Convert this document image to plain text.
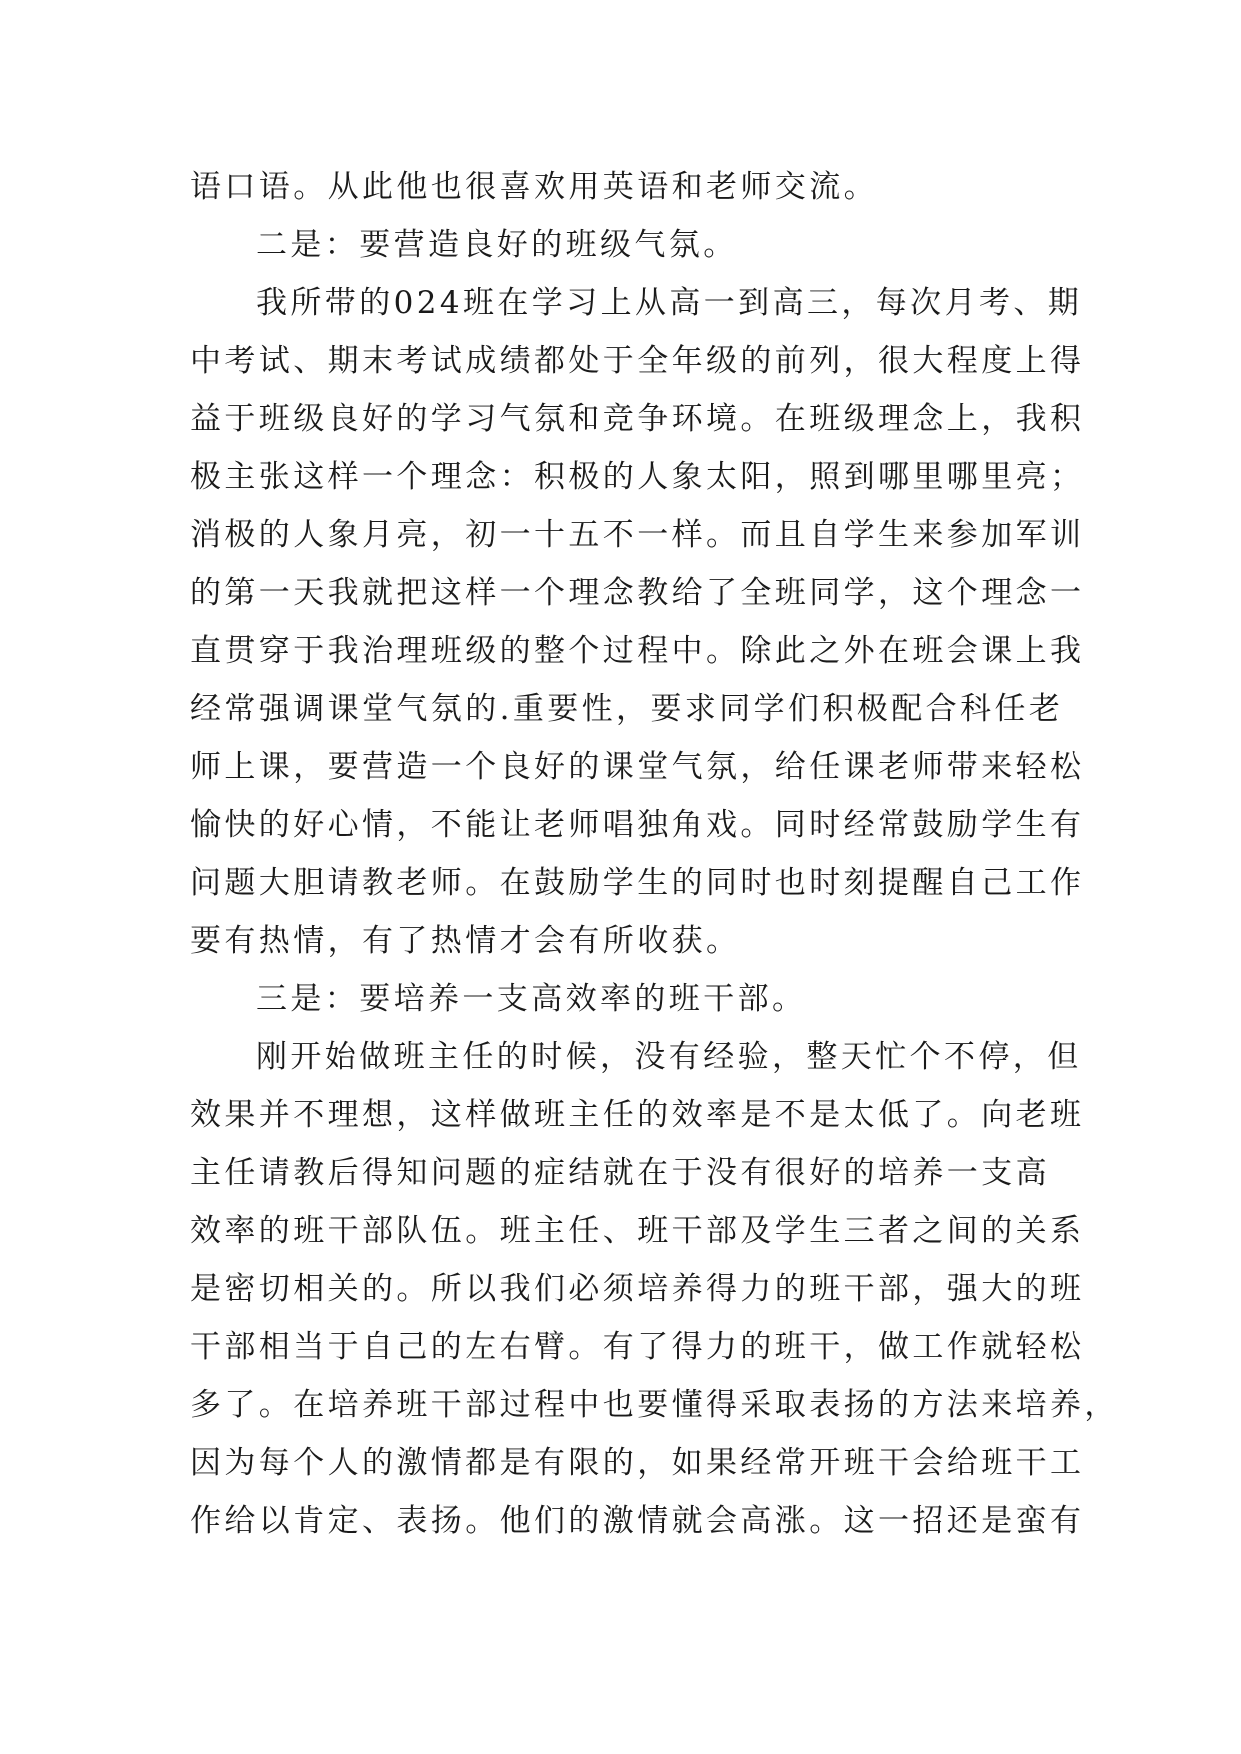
语口语。从此他也很喜欢用英语和老师交流。
二是：要营造良好的班级气氛。
我所带的024班在学习上从高一到高三，每次月考、期
中考试、期末考试成绩都处于全年级的前列，很大程度上得
益于班级良好的学习气氛和竞争环境。在班级理念上，我积
极主张这样一个理念：积极的人象太阳，照到哪里哪里亮；
消极的人象月亮，初一十五不一样。而且自学生来参加军训
的第一天我就把这样一个理念教给了全班同学，这个理念一
直贯穿于我治理班级的整个过程中。除此之外在班会课上我
经常强调课堂气氛的.重要性，要求同学们积极配合科任老
师上课，要营造一个良好的课堂气氛，给任课老师带来轻松
愉快的好心情，不能让老师唱独角戏。同时经常鼓励学生有
问题大胆请教老师。在鼓励学生的同时也时刻提醒自己工作
要有热情，有了热情才会有所收获。
三是：要培养一支高效率的班干部。
刚开始做班主任的时候，没有经验，整天忙个不停，但
效果并不理想，这样做班主任的效率是不是太低了。向老班
主任请教后得知问题的症结就在于没有很好的培养一支高
效率的班干部队伍。班主任、班干部及学生三者之间的关系
是密切相关的。所以我们必须培养得力的班干部，强大的班
干部相当于自己的左右臂。有了得力的班干，做工作就轻松
多了。在培养班干部过程中也要懂得采取表扬的方法来培养，
因为每个人的激情都是有限的，如果经常开班干会给班干工
作给以肯定、表扬。他们的激情就会高涨。这一招还是蛮有
